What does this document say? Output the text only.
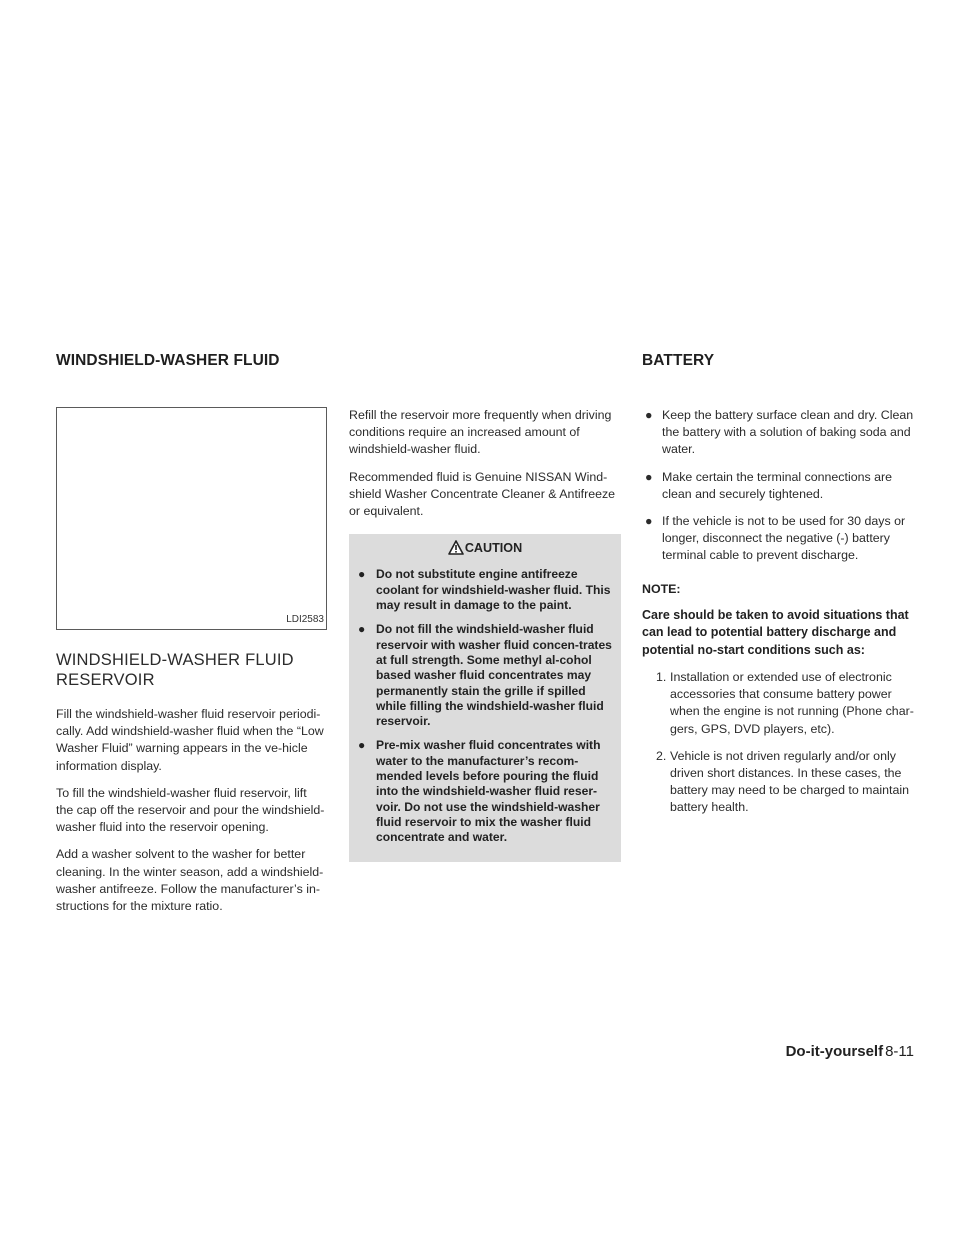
WINDSHIELD-WASHER FLUID	BATTERY
LDI2583
WINDSHIELD-WASHER FLUID
RESERVOIR

Fill the windshield-washer fluid reservoir periodi-cally. Add windshield-washer fluid when the “Low Washer Fluid” warning appears in the ve-hicle information display.

To fill the windshield-washer fluid reservoir, lift the cap off the reservoir and pour the windshield-washer fluid into the reservoir opening.

Add a washer solvent to the washer for better cleaning. In the winter season, add a windshield-washer antifreeze. Follow the manufacturer’s in-structions for the mixture ratio.

Refill the reservoir more frequently when driving conditions require an increased amount of windshield-washer fluid.

Recommended fluid is Genuine NISSAN Wind-shield Washer Concentrate Cleaner & Antifreeze or equivalent.

CAUTION
● Do not substitute engine antifreeze coolant for windshield-washer fluid. This may result in damage to the paint.
● Do not fill the windshield-washer fluid reservoir with washer fluid concen-trates at full strength. Some methyl al-cohol based washer fluid concentrates may permanently stain the grille if spilled while filling the windshield-washer fluid reservoir.
● Pre-mix washer fluid concentrates with water to the manufacturer’s recom-mended levels before pouring the fluid into the windshield-washer fluid reser-voir. Do not use the windshield-washer fluid reservoir to mix the washer fluid concentrate and water.
● Keep the battery surface clean and dry. Clean the battery with a solution of baking soda and water.
● Make certain the terminal connections are clean and securely tightened.
● If the vehicle is not to be used for 30 days or longer, disconnect the negative (-) battery terminal cable to prevent discharge.
NOTE:

Care should be taken to avoid situations that can lead to potential battery discharge and potential no-start conditions such as:

1. Installation or extended use of electronic accessories that consume battery power when the engine is not running (Phone char-gers, GPS, DVD players, etc).
2. Vehicle is not driven regularly and/or only driven short distances. In these cases, the battery may need to be charged to maintain battery health.
Do-it-yourself 8-11
